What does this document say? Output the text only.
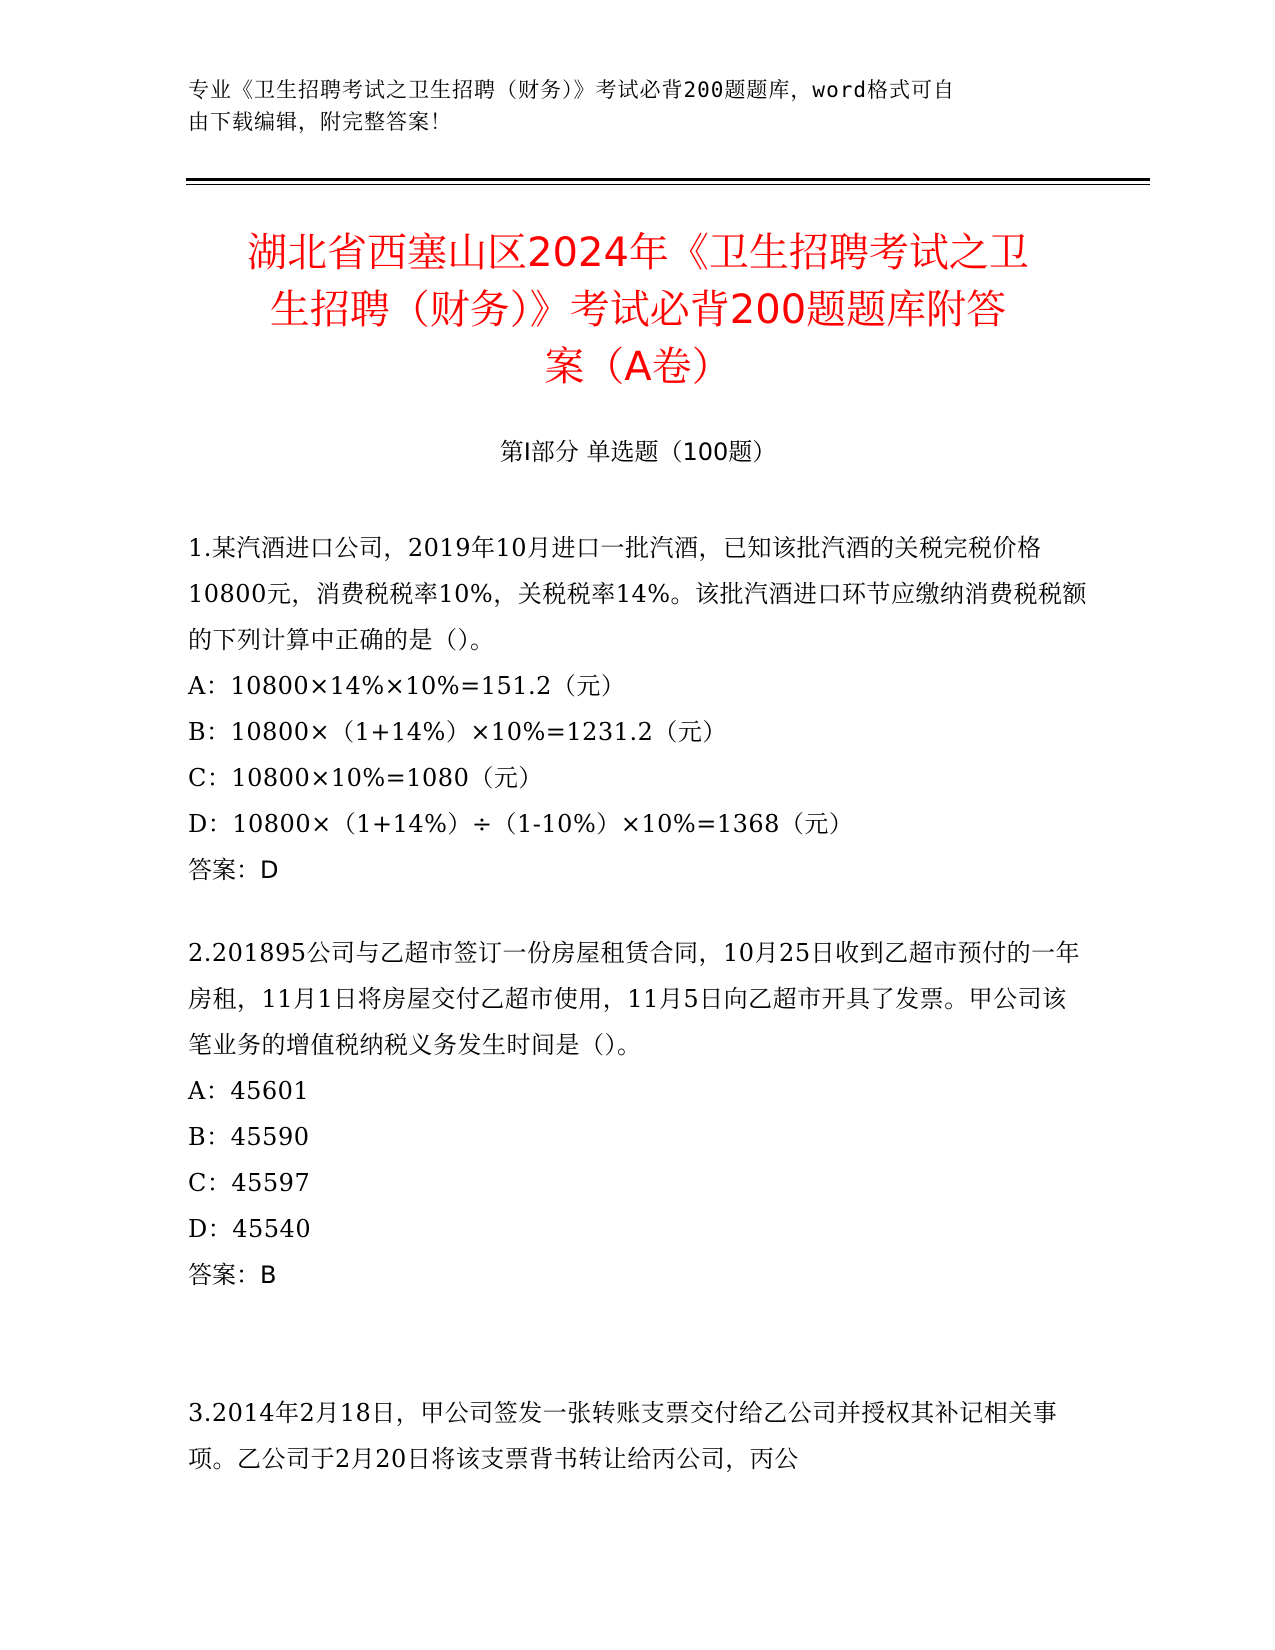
专业《卫生招聘考试之卫生招聘（财务）》考试必背200题题库，word格式可自
由下载编辑，附完整答案！
湖北省西塞山区2024年《卫生招聘考试之卫
生招聘（财务）》考试必背200题题库附答
案（A卷）
第Ⅰ部分 单选题（100题）
1.某汽酒进口公司，2019年10月进口一批汽酒，已知该批汽酒的关税完税价格10800元，消费税税率10%，关税税率14%。该批汽酒进口环节应缴纳消费税税额的下列计算中正确的是（）。
A：10800×14%×10%=151.2（元）
B：10800×（1+14%）×10%=1231.2（元）
C：10800×10%=1080（元）
D：10800×（1+14%）÷（1-10%）×10%=1368（元）
答案：D
2.201895公司与乙超市签订一份房屋租赁合同，10月25日收到乙超市预付的一年房租，11月1日将房屋交付乙超市使用，11月5日向乙超市开具了发票。甲公司该笔业务的增值税纳税义务发生时间是（）。
A：45601
B：45590
C：45597
D：45540
答案：B
3.2014年2月18日，甲公司签发一张转账支票交付给乙公司并授权其补记相关事项。乙公司于2月20日将该支票背书转让给丙公司，丙公
